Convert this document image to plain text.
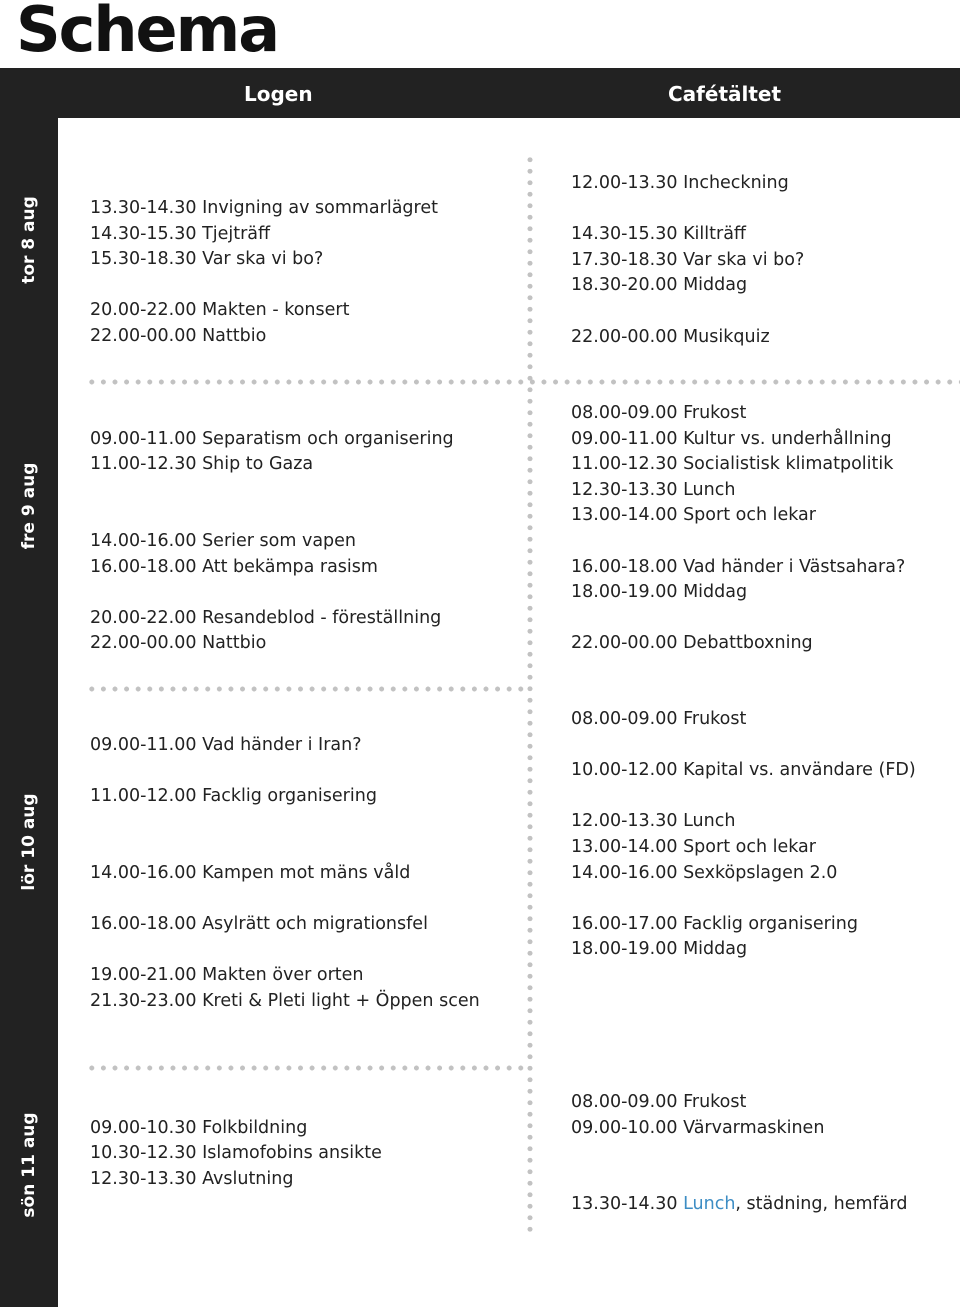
Schema
Logen	Cafétältet
tor 8 aug
fre 9 aug
lör 10 aug
sön 11 aug
13.30-14.30 Invigning av sommarlägret
14.30-15.30 Tjejträff
15.30-18.30 Var ska vi bo?
20.00-22.00 Makten - konsert
22.00-00.00 Nattbio
12.00-13.30 Incheckning
14.30-15.30 Killträff
17.30-18.30 Var ska vi bo?
18.30-20.00 Middag
22.00-00.00 Musikquiz
09.00-11.00 Separatism och organisering
11.00-12.30 Ship to Gaza
14.00-16.00 Serier som vapen
16.00-18.00 Att bekämpa rasism
20.00-22.00 Resandeblod - föreställning
22.00-00.00 Nattbio
08.00-09.00 Frukost
09.00-11.00 Kultur vs. underhållning
11.00-12.30 Socialistisk klimatpolitik
12.30-13.30 Lunch
13.00-14.00 Sport och lekar
16.00-18.00 Vad händer i Västsahara?
18.00-19.00 Middag
22.00-00.00 Debattboxning
09.00-11.00 Vad händer i Iran?
11.00-12.00 Facklig organisering
14.00-16.00 Kampen mot mäns våld
16.00-18.00 Asylrätt och migrationsfel
19.00-21.00 Makten över orten
21.30-23.00 Kreti & Pleti light + Öppen scen
08.00-09.00 Frukost
10.00-12.00 Kapital vs. användare (FD)
12.00-13.30 Lunch
13.00-14.00 Sport och lekar
14.00-16.00 Sexköpslagen 2.0
16.00-17.00 Facklig organisering
18.00-19.00 Middag
09.00-10.30 Folkbildning
10.30-12.30 Islamofobins ansikte
12.30-13.30 Avslutning
08.00-09.00 Frukost
09.00-10.00 Värvarmaskinen
13.30-14.30 Lunch, städning, hemfärd
